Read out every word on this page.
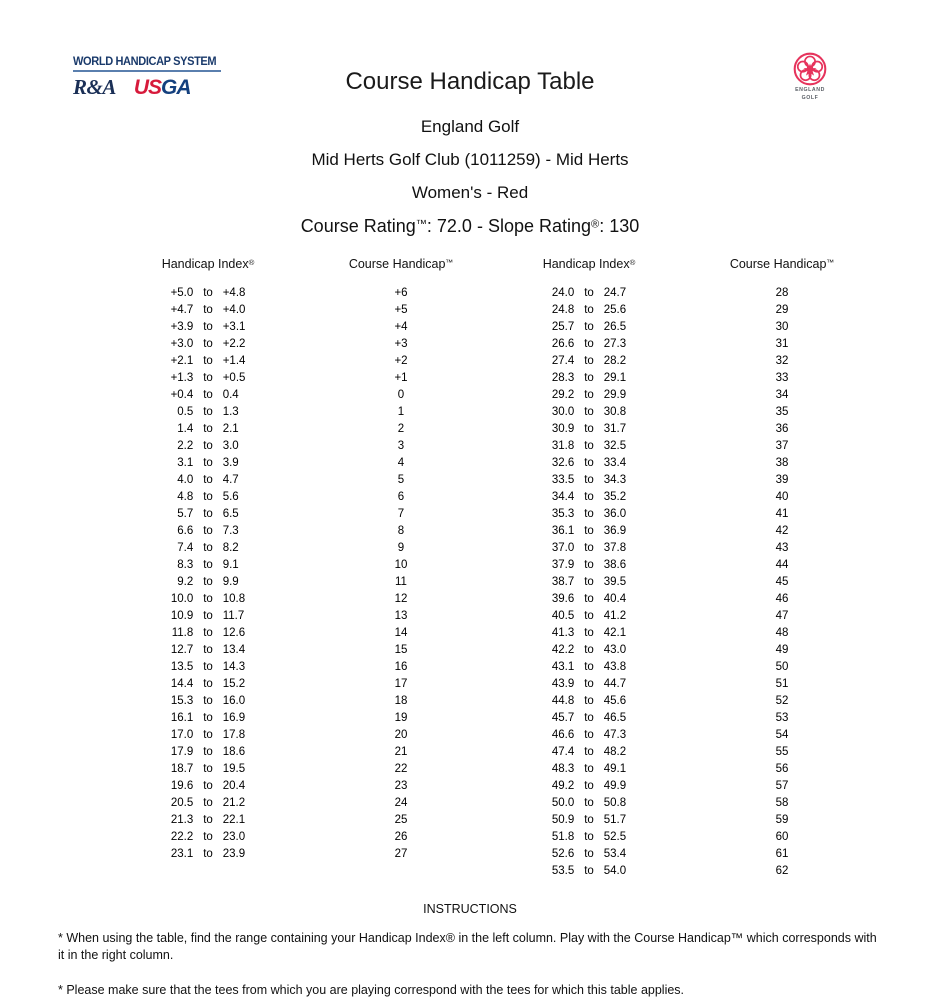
WORLD HANDICAP SYSTEM
R&A USGA	Course Handicap Table	ENGLAND
GOLF
England Golf
Mid Herts Golf Club (1011259) - Mid Herts
Women's - Red
Course Rating™: 72.0 - Slope Rating®: 130
Handicap Index®				Course Handicap™
+5.0	to	+4.8		+6
+4.7	to	+4.0		+5
+3.9	to	+3.1		+4
+3.0	to	+2.2		+3
+2.1	to	+1.4		+2
+1.3	to	+0.5		+1
+0.4	to	0.4		0
0.5	to	1.3		1
1.4	to	2.1		2
2.2	to	3.0		3
3.1	to	3.9		4
4.0	to	4.7		5
4.8	to	5.6		6
5.7	to	6.5		7
6.6	to	7.3		8
7.4	to	8.2		9
8.3	to	9.1		10
9.2	to	9.9		11
10.0	to	10.8		12
10.9	to	11.7		13
11.8	to	12.6		14
12.7	to	13.4		15
13.5	to	14.3		16
14.4	to	15.2		17
15.3	to	16.0		18
16.1	to	16.9		19
17.0	to	17.8		20
17.9	to	18.6		21
18.7	to	19.5		22
19.6	to	20.4		23
20.5	to	21.2		24
21.3	to	22.1		25
22.2	to	23.0		26
23.1	to	23.9		27
Handicap Index®				Course Handicap™
24.0	to	24.7		28
24.8	to	25.6		29
25.7	to	26.5		30
26.6	to	27.3		31
27.4	to	28.2		32
28.3	to	29.1		33
29.2	to	29.9		34
30.0	to	30.8		35
30.9	to	31.7		36
31.8	to	32.5		37
32.6	to	33.4		38
33.5	to	34.3		39
34.4	to	35.2		40
35.3	to	36.0		41
36.1	to	36.9		42
37.0	to	37.8		43
37.9	to	38.6		44
38.7	to	39.5		45
39.6	to	40.4		46
40.5	to	41.2		47
41.3	to	42.1		48
42.2	to	43.0		49
43.1	to	43.8		50
43.9	to	44.7		51
44.8	to	45.6		52
45.7	to	46.5		53
46.6	to	47.3		54
47.4	to	48.2		55
48.3	to	49.1		56
49.2	to	49.9		57
50.0	to	50.8		58
50.9	to	51.7		59
51.8	to	52.5		60
52.6	to	53.4		61
53.5	to	54.0		62
INSTRUCTIONS

* When using the table, find the range containing your Handicap Index® in the left column. Play with the Course Handicap™ which corresponds with it in the right column.

* Please make sure that the tees from which you are playing correspond with the tees for which this table applies.
